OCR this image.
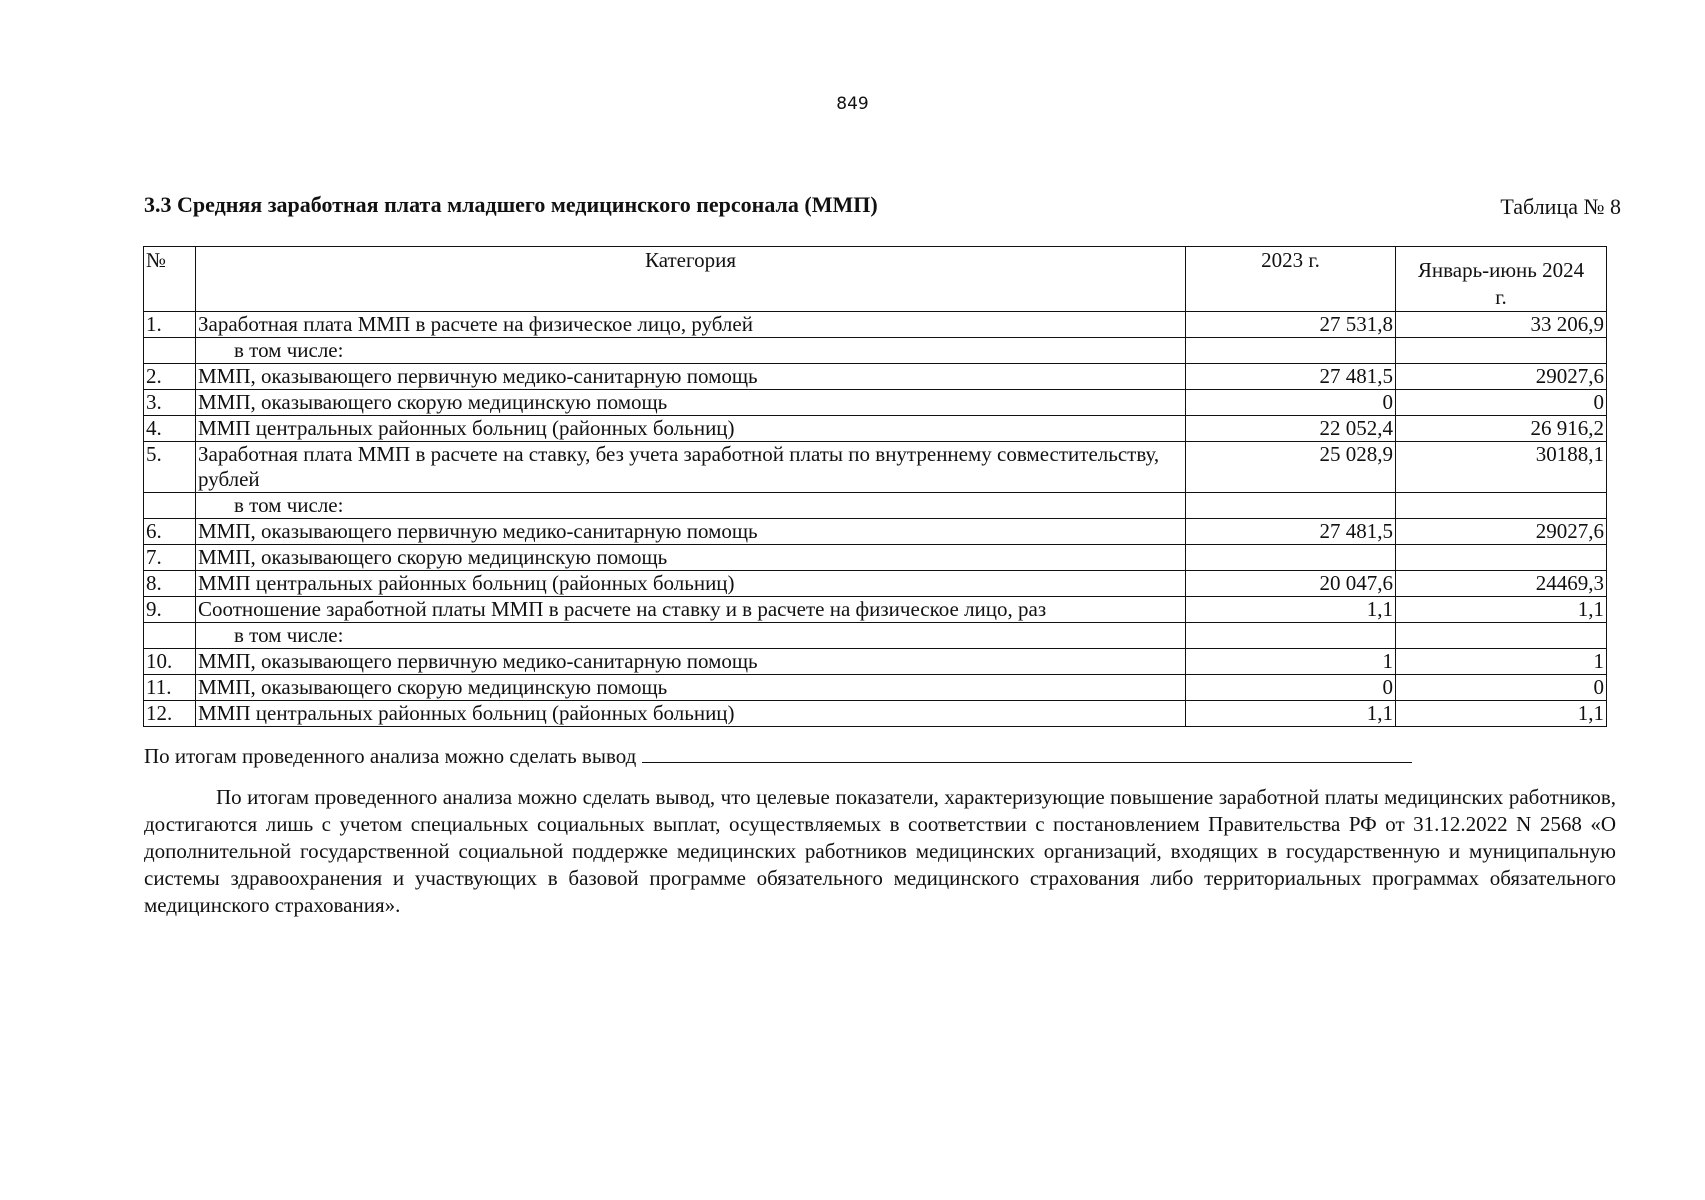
849
3.3 Средняя заработная плата младшего медицинского персонала (ММП)	Таблица № 8
№	Категория	2023 г.	Январь-июнь 2024 г.
1.	Заработная плата ММП в расчете на физическое лицо, рублей	27 531,8	33 206,9
	в том числе:		
2.	ММП, оказывающего первичную медико-санитарную помощь	27 481,5	29027,6
3.	ММП, оказывающего скорую медицинскую помощь	0	0
4.	ММП центральных районных больниц (районных больниц)	22 052,4	26 916,2
5.	Заработная плата ММП в расчете на ставку, без учета заработной платы по внутреннему совместительству, рублей	25 028,9	30188,1
	в том числе:		
6.	ММП, оказывающего первичную медико-санитарную помощь	27 481,5	29027,6
7.	ММП, оказывающего скорую медицинскую помощь		
8.	ММП центральных районных больниц (районных больниц)	20 047,6	24469,3
9.	Соотношение заработной платы ММП в расчете на ставку и в расчете на физическое лицо, раз	1,1	1,1
	в том числе:		
10.	ММП, оказывающего первичную медико-санитарную помощь	1	1
11.	ММП, оказывающего скорую медицинскую помощь	0	0
12.	ММП центральных районных больниц (районных больниц)	1,1	1,1
По итогам проведенного анализа можно сделать вывод

По итогам проведенного анализа можно сделать вывод, что целевые показатели, характеризующие повышение заработной платы медицинских работников, достигаются лишь с учетом специальных социальных выплат, осуществляемых в соответствии с постановлением Правительства РФ от 31.12.2022 N 2568 «О дополнительной государственной социальной поддержке медицинских работников медицинских организаций, входящих в государственную и муниципальную системы здравоохранения и участвующих в базовой программе обязательного медицинского страхования либо территориальных программах обязательного медицинского страхования».
